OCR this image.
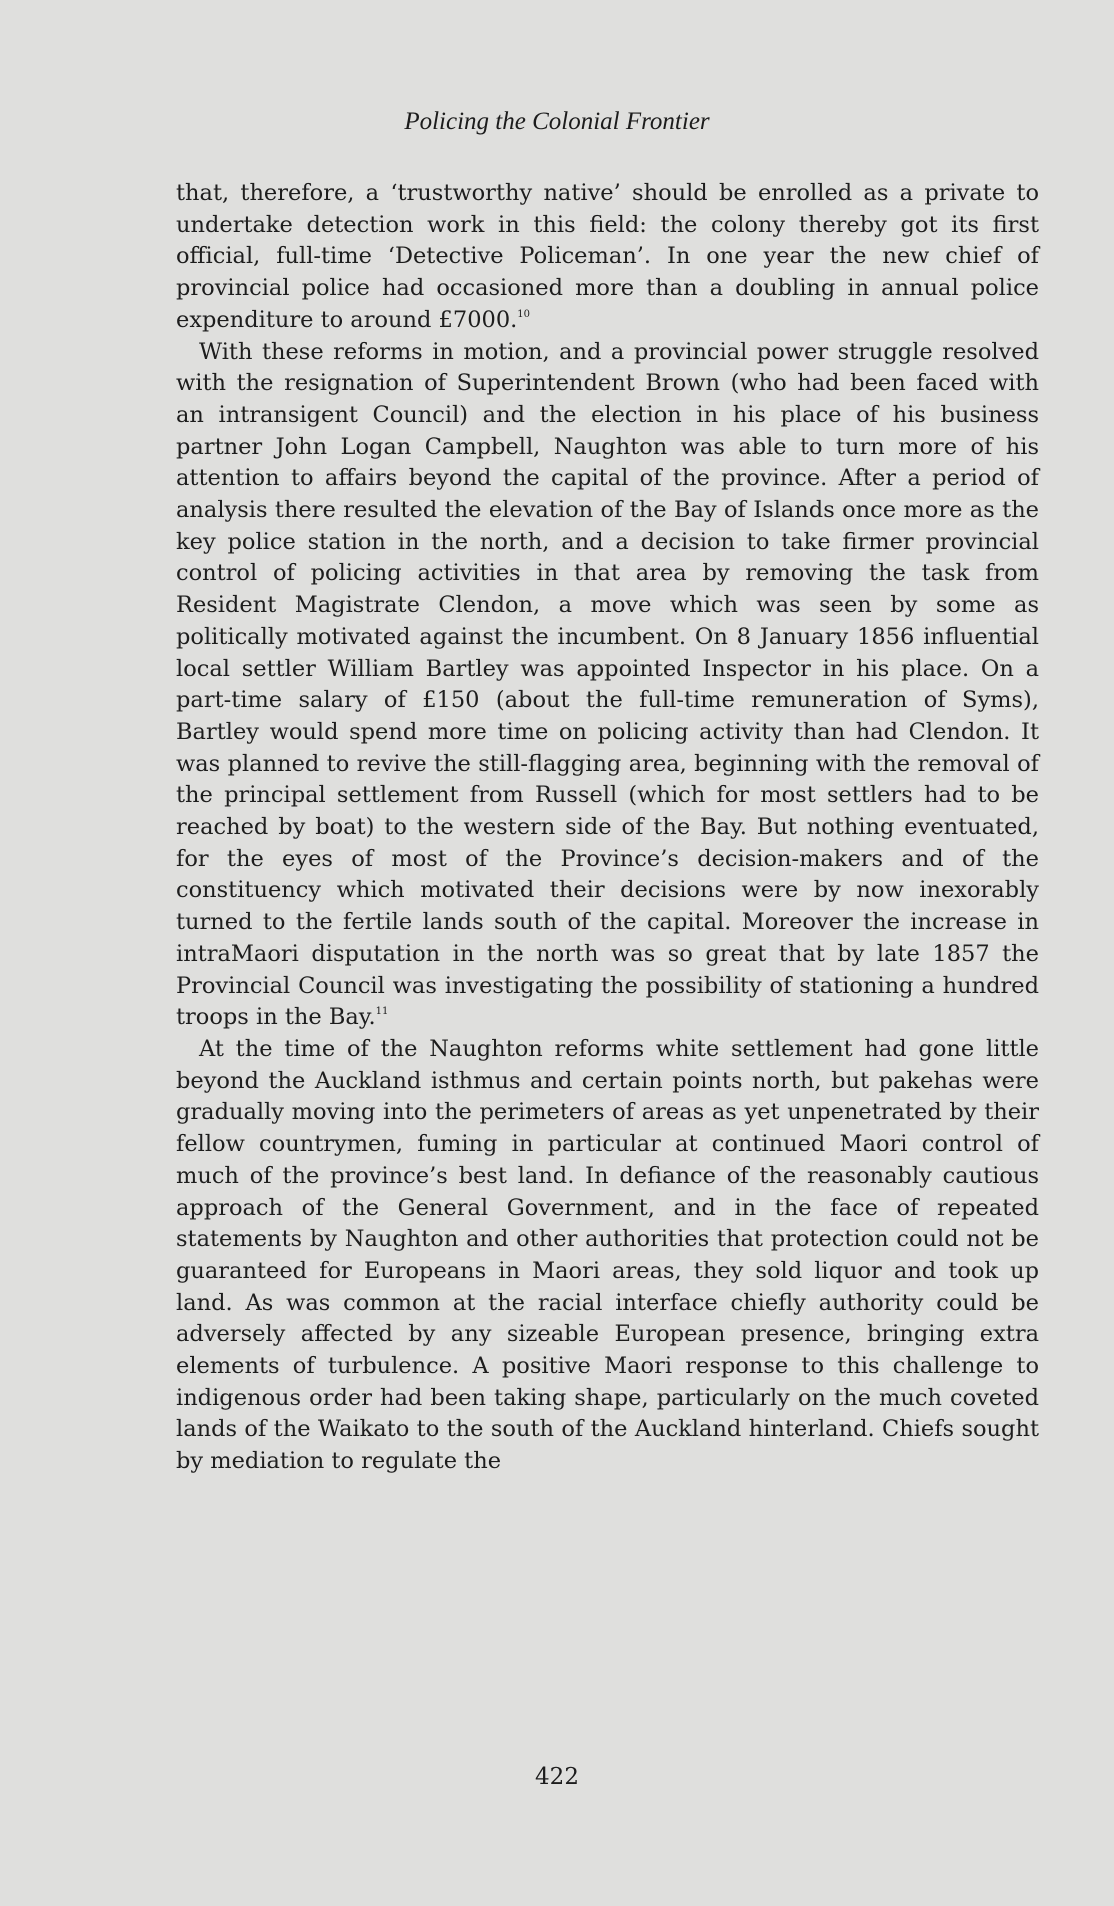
Policing the Colonial Frontier

that, therefore, a ‘trustworthy native’ should be enrolled as a private to undertake detection work in this field: the colony thereby got its first official, full-time ‘Detective Policeman’. In one year the new chief of provincial police had occasioned more than a doubling in annual police expenditure to around £7000.10

With these reforms in motion, and a provincial power struggle resolved with the resignation of Superintendent Brown (who had been faced with an intransigent Council) and the election in his place of his business partner John Logan Campbell, Naughton was able to turn more of his attention to affairs beyond the capital of the province. After a period of analysis there resulted the elevation of the Bay of Islands once more as the key police station in the north, and a decision to take firmer provincial control of policing activities in that area by removing the task from Resident Magistrate Clendon, a move which was seen by some as politically motivated against the incumbent. On 8 January 1856 influential local settler William Bartley was appointed Inspector in his place. On a part-time salary of £150 (about the full-time remuneration of Syms), Bartley would spend more time on policing activity than had Clendon. It was planned to revive the still-flagging area, beginning with the removal of the principal settlement from Russell (which for most settlers had to be reached by boat) to the western side of the Bay. But nothing eventuated, for the eyes of most of the Province’s decision-makers and of the constituency which motivated their decisions were by now inexorably turned to the fertile lands south of the capital. Moreover the increase in intraMaori disputation in the north was so great that by late 1857 the Provincial Council was investigating the possibility of stationing a hundred troops in the Bay.$^{11}$

At the time of the Naughton reforms white settlement had gone little beyond the Auckland isthmus and certain points north, but pakehas were gradually moving into the perimeters of areas as yet unpenetrated by their fellow countrymen, fuming in particular at continued Maori control of much of the province’s best land. In defiance of the reasonably cautious approach of the General Government, and in the face of repeated statements by Naughton and other authorities that protection could not be guaranteed for Europeans in Maori areas, they sold liquor and took up land. As was common at the racial interface chiefly authority could be adversely affected by any sizeable European presence, bringing extra elements of turbulence. A positive Maori response to this challenge to indigenous order had been taking shape, particularly on the much coveted lands of the Waikato to the south of the Auckland hinterland. Chiefs sought by mediation to regulate the

422
